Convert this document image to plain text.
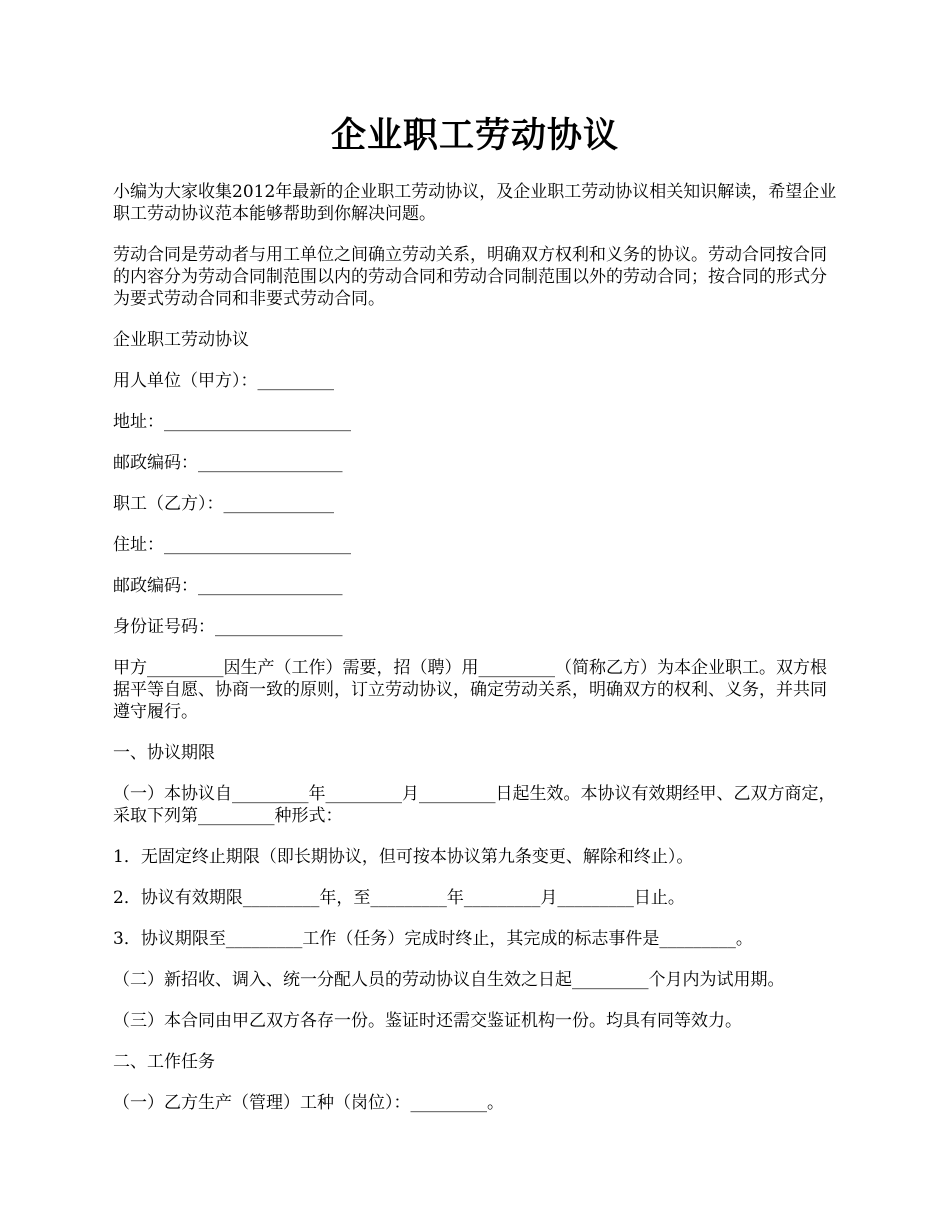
企业职工劳动协议

小编为大家收集2012年最新的企业职工劳动协议，及企业职工劳动协议相关知识解读，希望企业职工劳动协议范本能够帮助到你解决问题。

劳动合同是劳动者与用工单位之间确立劳动关系，明确双方权利和义务的协议。劳动合同按合同的内容分为劳动合同制范围以内的劳动合同和劳动合同制范围以外的劳动合同；按合同的形式分为要式劳动合同和非要式劳动合同。

企业职工劳动协议

用人单位（甲方）：_________

地址：______________________

邮政编码：_________________

职工（乙方）：_____________

住址：______________________

邮政编码：_________________

身份证号码：_______________

甲方_________因生产（工作）需要，招（聘）用_________（简称乙方）为本企业职工。双方根据平等自愿、协商一致的原则，订立劳动协议，确定劳动关系，明确双方的权利、义务，并共同遵守履行。

一、协议期限

（一）本协议自_________年_________月_________日起生效。本协议有效期经甲、乙双方商定，采取下列第_________种形式：

1．无固定终止期限（即长期协议，但可按本协议第九条变更、解除和终止）。

2．协议有效期限_________年，至_________年_________月_________日止。

3．协议期限至_________工作（任务）完成时终止，其完成的标志事件是_________。

（二）新招收、调入、统一分配人员的劳动协议自生效之日起_________个月内为试用期。

（三）本合同由甲乙双方各存一份。鉴证时还需交鉴证机构一份。均具有同等效力。

二、工作任务

（一）乙方生产（管理）工种（岗位）：_________。
